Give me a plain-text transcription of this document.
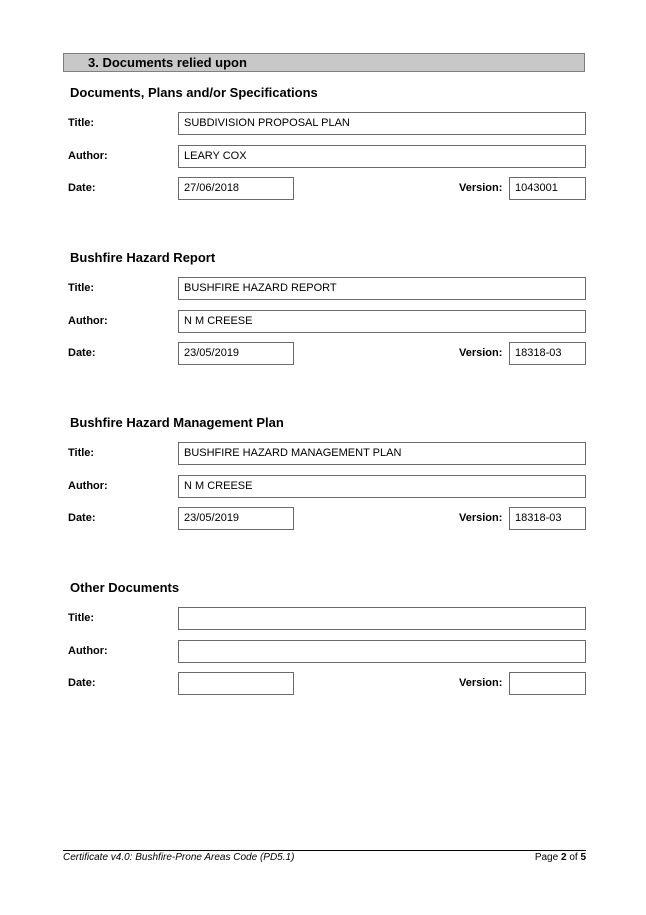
3. Documents relied upon
Documents, Plans and/or Specifications
Title:	SUBDIVISION PROPOSAL PLAN
Author:	LEARY COX
Date:	27/06/2018	Version:	1043001
Bushfire Hazard Report
Title:	BUSHFIRE HAZARD REPORT
Author:	N M CREESE
Date:	23/05/2019	Version:	18318-03
Bushfire Hazard Management Plan
Title:	BUSHFIRE HAZARD MANAGEMENT PLAN
Author:	N M CREESE
Date:	23/05/2019	Version:	18318-03
Other Documents
Title:
Author:
Date:	Version:
Certificate v4.0: Bushfire-Prone Areas Code (PD5.1)	Page 2 of 5
